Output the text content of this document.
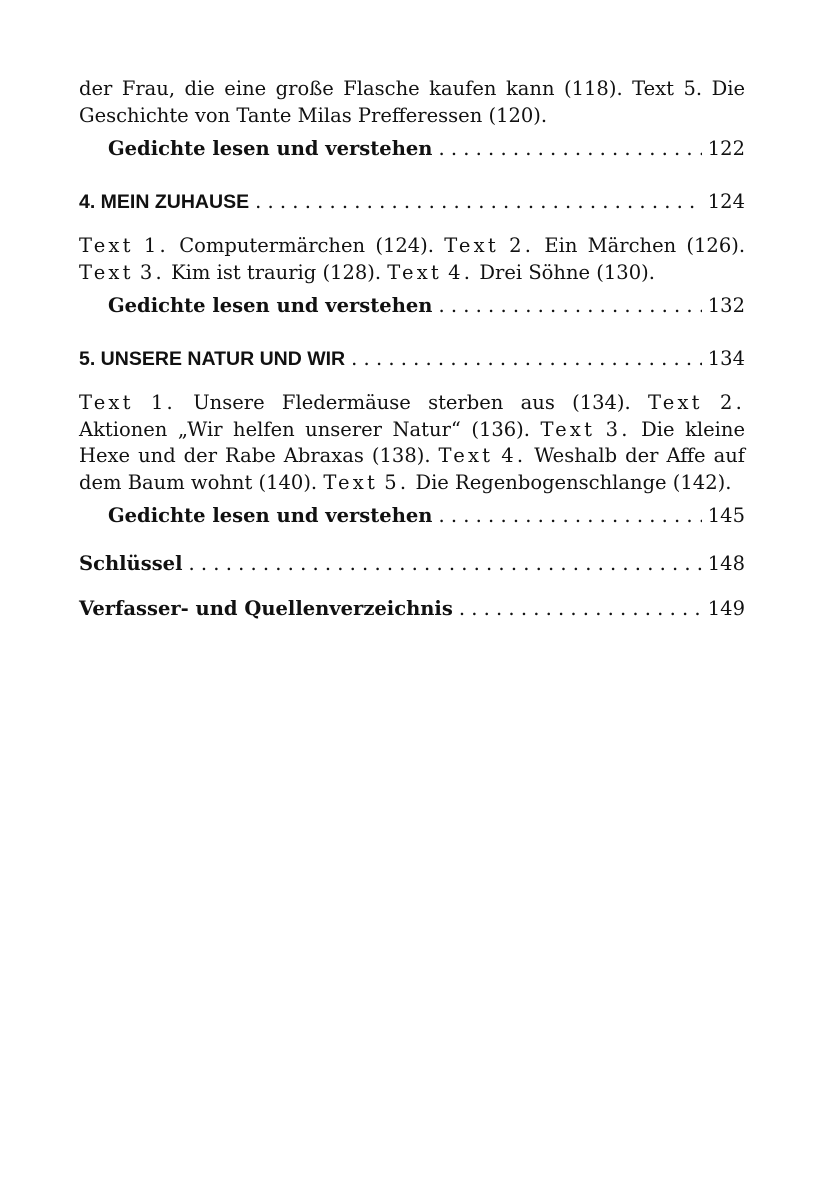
der Frau, die eine große Flasche kaufen kann (118). Text 5. Die Geschichte von Tante Milas Prefferessen (120).

Gedichte lesen und verstehen . . .	122
4. MEIN ZUHAUSE . . .	124

Text 1. Computermärchen (124). Text 2. Ein Märchen (126). Text 3. Kim ist traurig (128). Text 4. Drei Söhne (130).

Gedichte lesen und verstehen . . .	132
5. UNSERE NATUR UND WIR . . .	134

Text 1. Unsere Fledermäuse sterben aus (134). Text 2. Aktionen „Wir helfen unserer Natur“ (136). Text 3. Die kleine Hexe und der Rabe Abraxas (138). Text 4. Weshalb der Affe auf dem Baum wohnt (140). Text 5. Die Regenbogenschlange (142).

Gedichte lesen und verstehen . . .	145
Schlüssel . . .	148
Verfasser- und Quellenverzeichnis . . .	149
